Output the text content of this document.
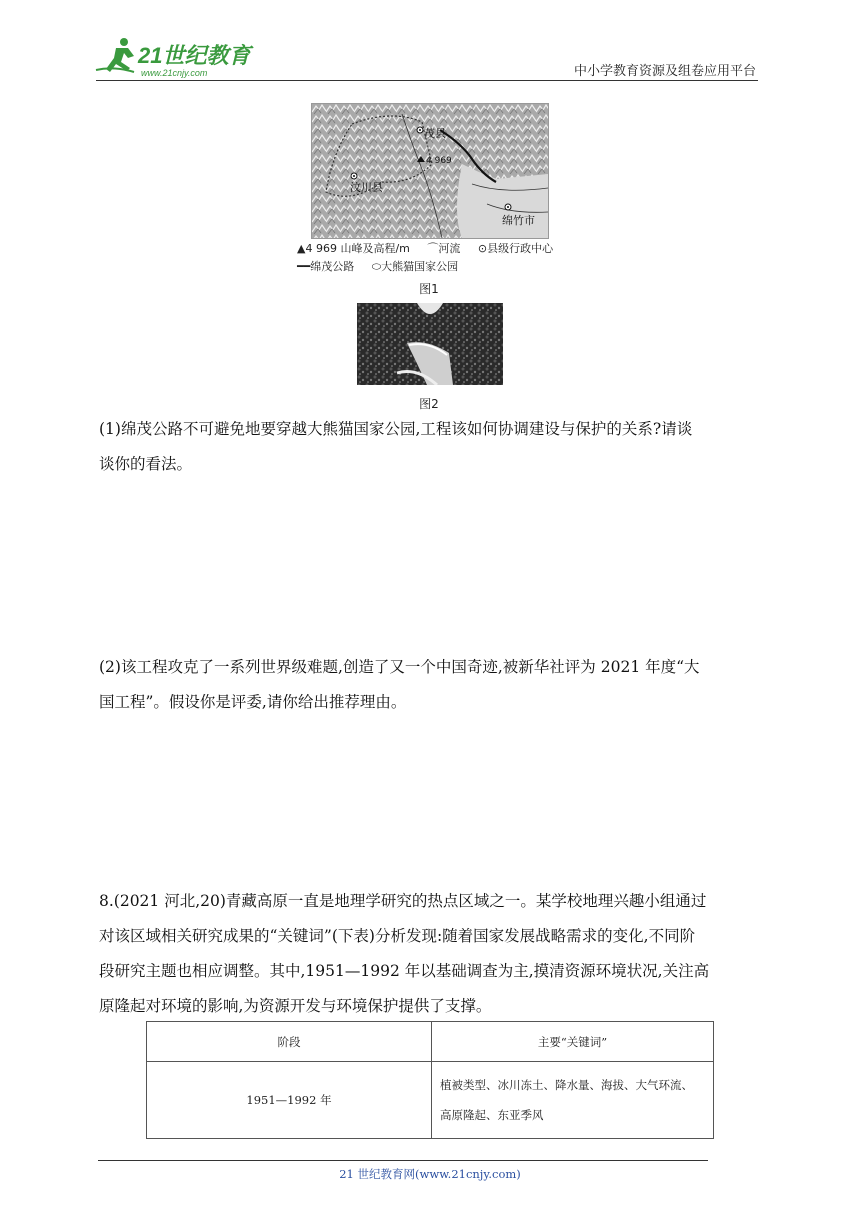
21世纪教育
www.21cnjy.com	中小学教育资源及组卷应用平台
4 969
茂县
汶川县
绵竹市
▲4 969 山峰及高程/m ⌒河流 ⊙县级行政中心
━━绵茂公路 ⬭大熊猫国家公园
图1
图2
(1)绵茂公路不可避免地要穿越大熊猫国家公园,工程该如何协调建设与保护的关系?请谈
谈你的看法。
(2)该工程攻克了一系列世界级难题,创造了又一个中国奇迹,被新华社评为 2021 年度“大
国工程”。假设你是评委,请你给出推荐理由。
8.(2021 河北,20)青藏高原一直是地理学研究的热点区域之一。某学校地理兴趣小组通过
对该区域相关研究成果的“关键词”(下表)分析发现:随着国家发展战略需求的变化,不同阶
段研究主题也相应调整。其中,1951—1992 年以基础调查为主,摸清资源环境状况,关注高
原隆起对环境的影响,为资源开发与环境保护提供了支撑。
阶段	主要“关键词”
1951—1992 年	植被类型、冰川冻土、降水量、海拔、大气环流、
高原隆起、东亚季风
21 世纪教育网(www.21cnjy.com)
